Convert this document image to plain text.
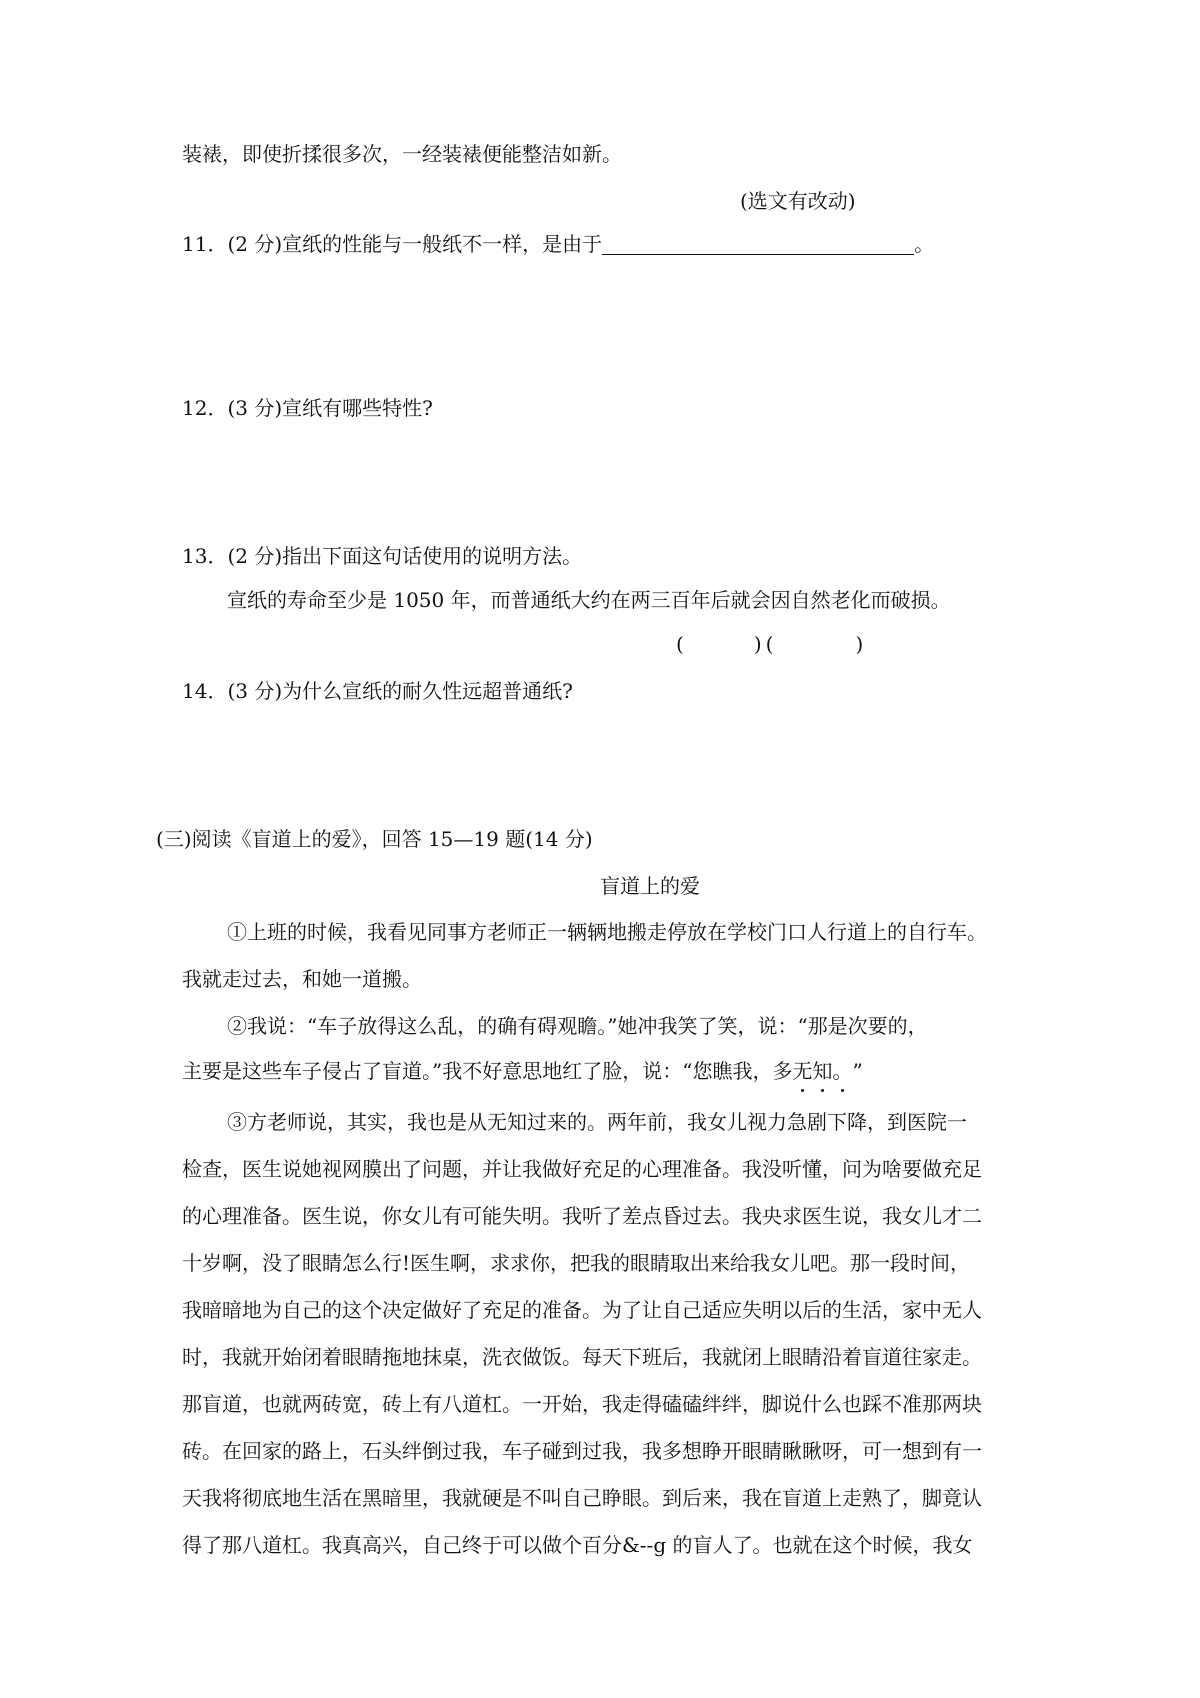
装裱，即使折揉很多次，一经装裱便能整洁如新。
(选文有改动)
11．(2 分)宣纸的性能与一般纸不一样，是由于	。
12．(3 分)宣纸有哪些特性?
13．(2 分)指出下面这句话使用的说明方法。
宣纸的寿命至少是 1050 年，而普通纸大约在两三百年后就会因自然老化而破损。
(	) (	)
14．(3 分)为什么宣纸的耐久性远超普通纸?
(三)阅读《盲道上的爱》，回答 15—19 题(14 分)
盲道上的爱
①上班的时候，我看见同事方老师正一辆辆地搬走停放在学校门口人行道上的自行车。
我就走过去，和她一道搬。
②我说：“车子放得这么乱，的确有碍观瞻。”她冲我笑了笑，说：“那是次要的，
主要是这些车子侵占了盲道。”我不好意思地红了脸，说：“您瞧我，多无知。”
③方老师说，其实，我也是从无知过来的。两年前，我女儿视力急剧下降，到医院一
检查，医生说她视网膜出了问题，并让我做好充足的心理准备。我没听懂，问为啥要做充足
的心理准备。医生说，你女儿有可能失明。我听了差点昏过去。我央求医生说，我女儿才二
十岁啊，没了眼睛怎么行!医生啊，求求你，把我的眼睛取出来给我女儿吧。那一段时间，
我暗暗地为自己的这个决定做好了充足的准备。为了让自己适应失明以后的生活，家中无人
时，我就开始闭着眼睛拖地抹桌，洗衣做饭。每天下班后，我就闭上眼睛沿着盲道往家走。
那盲道，也就两砖宽，砖上有八道杠。一开始，我走得磕磕绊绊，脚说什么也踩不准那两块
砖。在回家的路上，石头绊倒过我，车子碰到过我，我多想睁开眼睛瞅瞅呀，可一想到有一
天我将彻底地生活在黑暗里，我就硬是不叫自己睁眼。到后来，我在盲道上走熟了，脚竟认
得了那八道杠。我真高兴，自己终于可以做个百分&--g 的盲人了。也就在这个时候，我女
